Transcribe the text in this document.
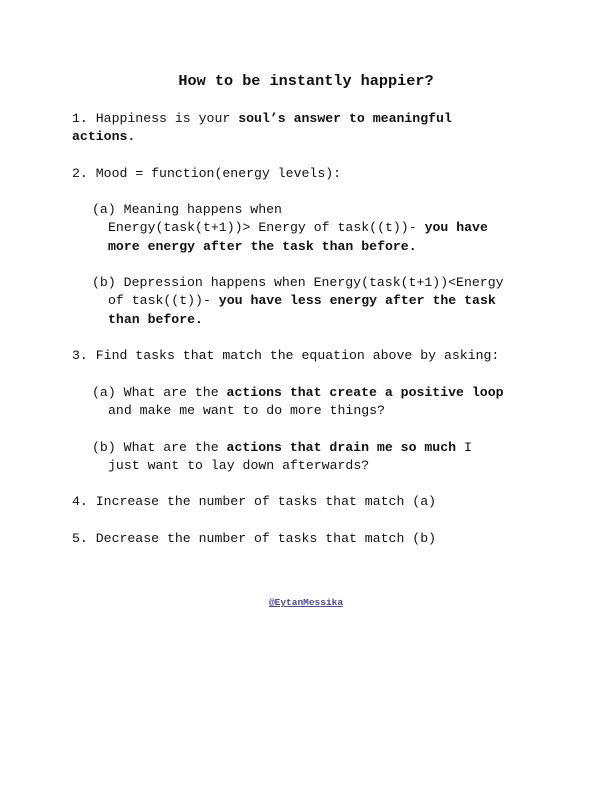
How to be instantly happier?
1. Happiness is your soul’s answer to meaningful
actions.
2. Mood = function(energy levels):
(a) Meaning happens when
Energy(task(t+1))> Energy of task((t))- you have
more energy after the task than before.
(b) Depression happens when Energy(task(t+1))<Energy
of task((t))- you have less energy after the task
than before.
3. Find tasks that match the equation above by asking:
(a) What are the actions that create a positive loop
and make me want to do more things?
(b) What are the actions that drain me so much I
just want to lay down afterwards?
4. Increase the number of tasks that match (a)
5. Decrease the number of tasks that match (b)
@EytanMessika
